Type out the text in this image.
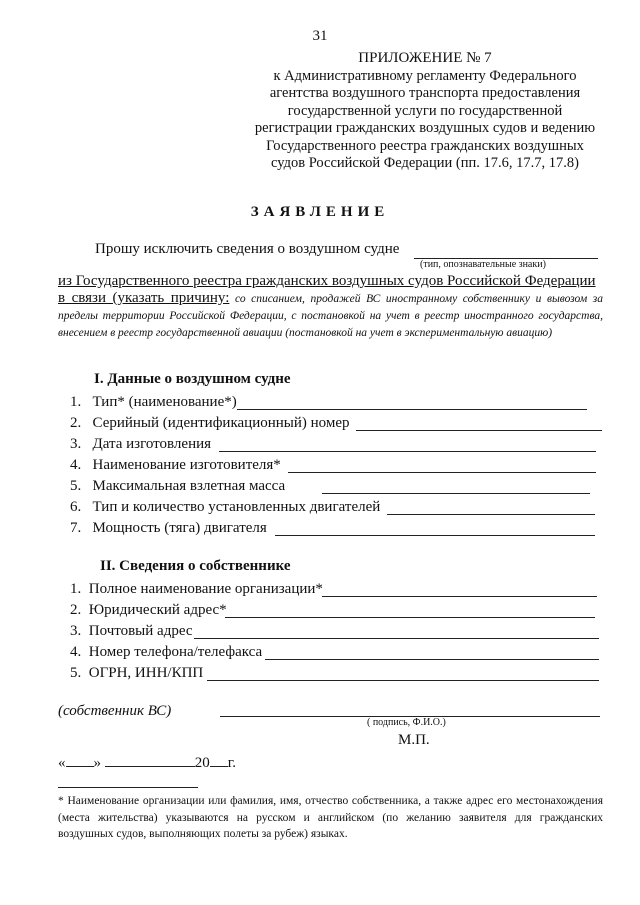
31
ПРИЛОЖЕНИЕ № 7
к Административному регламенту Федерального
агентства воздушного транспорта предоставления
государственной услуги по государственной
регистрации гражданских воздушных судов и ведению
Государственного реестра гражданских воздушных
судов Российской Федерации (пп. 17.6, 17.7, 17.8)
ЗАЯВЛЕНИЕ
Прошу исключить сведения о воздушном судне
(тип, опознавательные знаки)
из Государственного реестра гражданских воздушных судов Российской Федерации
в связи (указать причину: со списанием, продажей ВС иностранному собственнику и вывозом за пределы территории Российской Федерации, с постановкой на учет в реестр иностранного государства, внесением в реестр государственной авиации (постановкой на учет в экспериментальную авиацию)
I. Данные о воздушном судне
1. Тип* (наименование*)
2. Серийный (идентификационный) номер
3. Дата изготовления
4. Наименование изготовителя*
5. Максимальная взлетная масса
6. Тип и количество установленных двигателей
7. Мощность (тяга) двигателя
II. Сведения о собственнике
1. Полное наименование организации*
2. Юридический адрес*
3. Почтовый адрес
4. Номер телефона/телефакса
5. ОГРН, ИНН/КПП
(собственник ВС)
( подпись, Ф.И.О.)
М.П.
« »	20 г.
* Наименование организации или фамилия, имя, отчество собственника, а также адрес его местонахождения (места жительства) указываются на русском и английском (по желанию заявителя для гражданских воздушных судов, выполняющих полеты за рубеж) языках.
